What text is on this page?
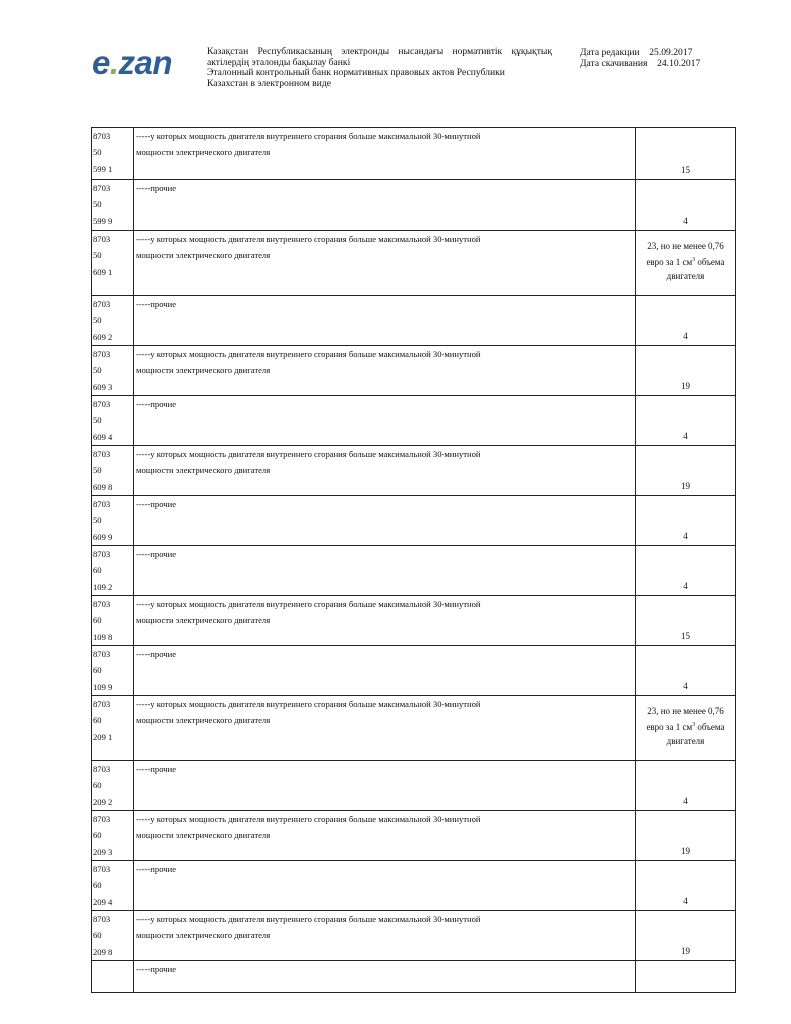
e.zan	Казақстан Республикасының электронды нысандағы нормативтік құқықтық
актілердің эталонды бақылау банкі
Эталонный контрольный банк нормативных правовых актов Республики
Казахстан в электронном виде
Дата редакции 25.09.2017
Дата скачивания 24.10.2017
8703
50
599 1	-----у которых мощность двигателя внутреннего сгорания больше максимальной 30-минутной
мощности электрического двигателя	15

8703
50
599 9	-----прочие	4

8703
50
609 1	-----у которых мощность двигателя внутреннего сгорания больше максимальной 30-минутной
мощности электрического двигателя	23, но не менее 0,76 евро за 1 $см^3$ объема двигателя

8703
50
609 2	-----прочие	4

8703
50
609 3	-----у которых мощность двигателя внутреннего сгорания больше максимальной 30-минутной
мощности электрического двигателя	19

8703
50
609 4	-----прочие	4

8703
50
609 8	-----у которых мощность двигателя внутреннего сгорания больше максимальной 30-минутной
мощности электрического двигателя	19

8703
50
609 9	-----прочие	4

8703
60
109 2	-----прочие	4

8703
60
109 8	-----у которых мощность двигателя внутреннего сгорания больше максимальной 30-минутной
мощности электрического двигателя	15

8703
60
109 9	-----прочие	4

8703
60
209 1	-----у которых мощность двигателя внутреннего сгорания больше максимальной 30-минутной
мощности электрического двигателя	23, но не менее 0,76 евро за 1 $см^3$ объема двигателя

8703
60
209 2	-----прочие	4

8703
60
209 3	-----у которых мощность двигателя внутреннего сгорания больше максимальной 30-минутной
мощности электрического двигателя	19

8703
60
209 4	-----прочие	4

8703
60
209 8	-----у которых мощность двигателя внутреннего сгорания больше максимальной 30-минутной
мощности электрического двигателя	19

	-----прочие	
